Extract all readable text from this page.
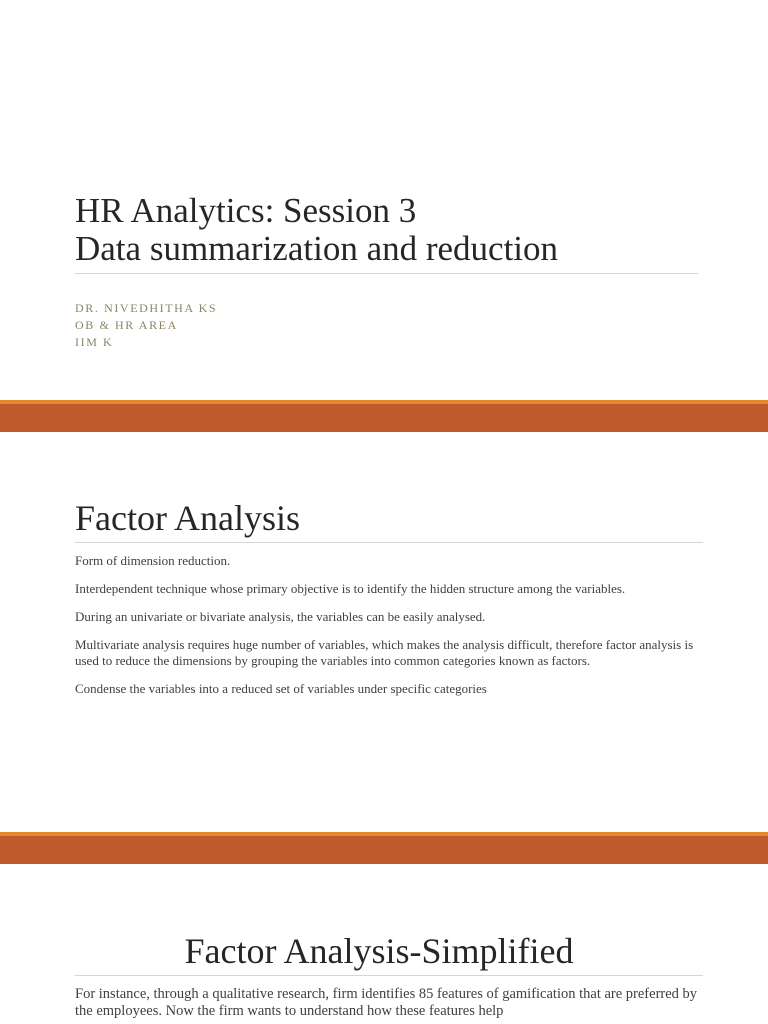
HR Analytics: Session 3
Data summarization and reduction
DR. NIVEDHITHA KS
OB & HR AREA
IIM K
Factor Analysis
Form of dimension reduction.
Interdependent technique whose primary objective is to identify the hidden structure among the variables.
During an univariate or bivariate analysis, the variables can be easily analysed.
Multivariate analysis requires huge number of variables, which makes the analysis difficult, therefore factor analysis is used to reduce the dimensions by grouping the variables into common categories known as factors.
Condense the variables into a reduced set of variables under specific categories
Factor Analysis-Simplified
For instance, through a qualitative research, firm identifies 85 features of gamification that are preferred by the employees. Now the firm wants to understand how these features help
